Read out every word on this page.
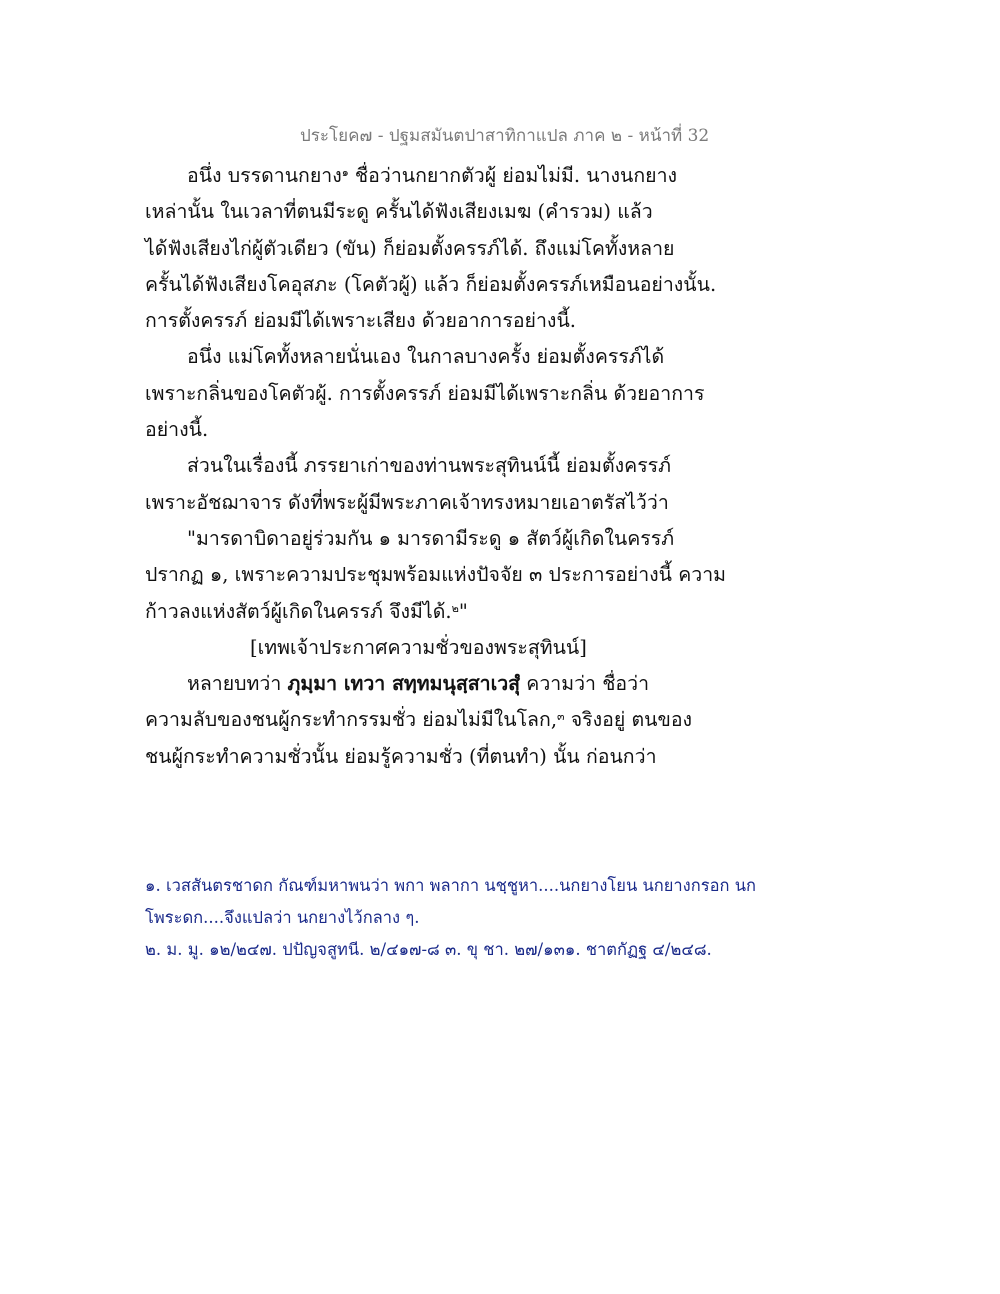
ประโยค๗ - ปฐมสมันตปาสาทิกาแปล ภาค ๒ - หน้าที่ 32
อนึ่ง บรรดานกยาง$^๑$ ชื่อว่านกยากตัวผู้ ย่อมไม่มี. นางนกยาง
เหล่านั้น ในเวลาที่ตนมีระดู ครั้นได้ฟังเสียงเมฆ (คำรวม) แล้ว
ได้ฟังเสียงไก่ผู้ตัวเดียว (ขัน) ก็ย่อมตั้งครรภ์ได้. ถึงแม่โคทั้งหลาย
ครั้นได้ฟังเสียงโคอุสภะ (โคตัวผู้) แล้ว ก็ย่อมตั้งครรภ์เหมือนอย่างนั้น.
การตั้งครรภ์ ย่อมมีได้เพราะเสียง ด้วยอาการอย่างนี้.
อนึ่ง แม่โคทั้งหลายนั่นเอง ในกาลบางครั้ง ย่อมตั้งครรภ์ได้
เพราะกลิ่นของโคตัวผู้. การตั้งครรภ์ ย่อมมีได้เพราะกลิ่น ด้วยอาการ
อย่างนี้.
ส่วนในเรื่องนี้ ภรรยาเก่าของท่านพระสุทินน์นี้ ย่อมตั้งครรภ์
เพราะอัชฌาจาร ดังที่พระผู้มีพระภาคเจ้าทรงหมายเอาตรัสไว้ว่า
"มารดาบิดาอยู่ร่วมกัน ๑ มารดามีระดู ๑ สัตว์ผู้เกิดในครรภ์
ปรากฏ ๑, เพราะความประชุมพร้อมแห่งปัจจัย ๓ ประการอย่างนี้ ความ
ก้าวลงแห่งสัตว์ผู้เกิดในครรภ์ จึงมีได้.$^๒$"
[เทพเจ้าประกาศความชั่วของพระสุทินน์]
หลายบทว่า ภุมฺมา เทวา สทฺทมนุสฺสาเวสุํ ความว่า ชื่อว่า
ความลับของชนผู้กระทำกรรมชั่ว ย่อมไม่มีในโลก,$^๓$ จริงอยู่ ตนของ
ชนผู้กระทำความชั่วนั้น ย่อมรู้ความชั่ว (ที่ตนทำ) นั้น ก่อนกว่า
๑. เวสสันตรชาดก กัณฑ์มหาพนว่า พกา พลากา นชฺชูหา....นกยางโยน นกยางกรอก นก
โพระดก....จึงแปลว่า นกยางไว้กลาง ๆ.
๒. ม. มู. ๑๒/๒๔๗. ปปัญจสูทนี. ๒/๔๑๗-๘ ๓. ขุ ชา. ๒๗/๑๓๑. ชาตกัฏฐ ๔/๒๔๘.
